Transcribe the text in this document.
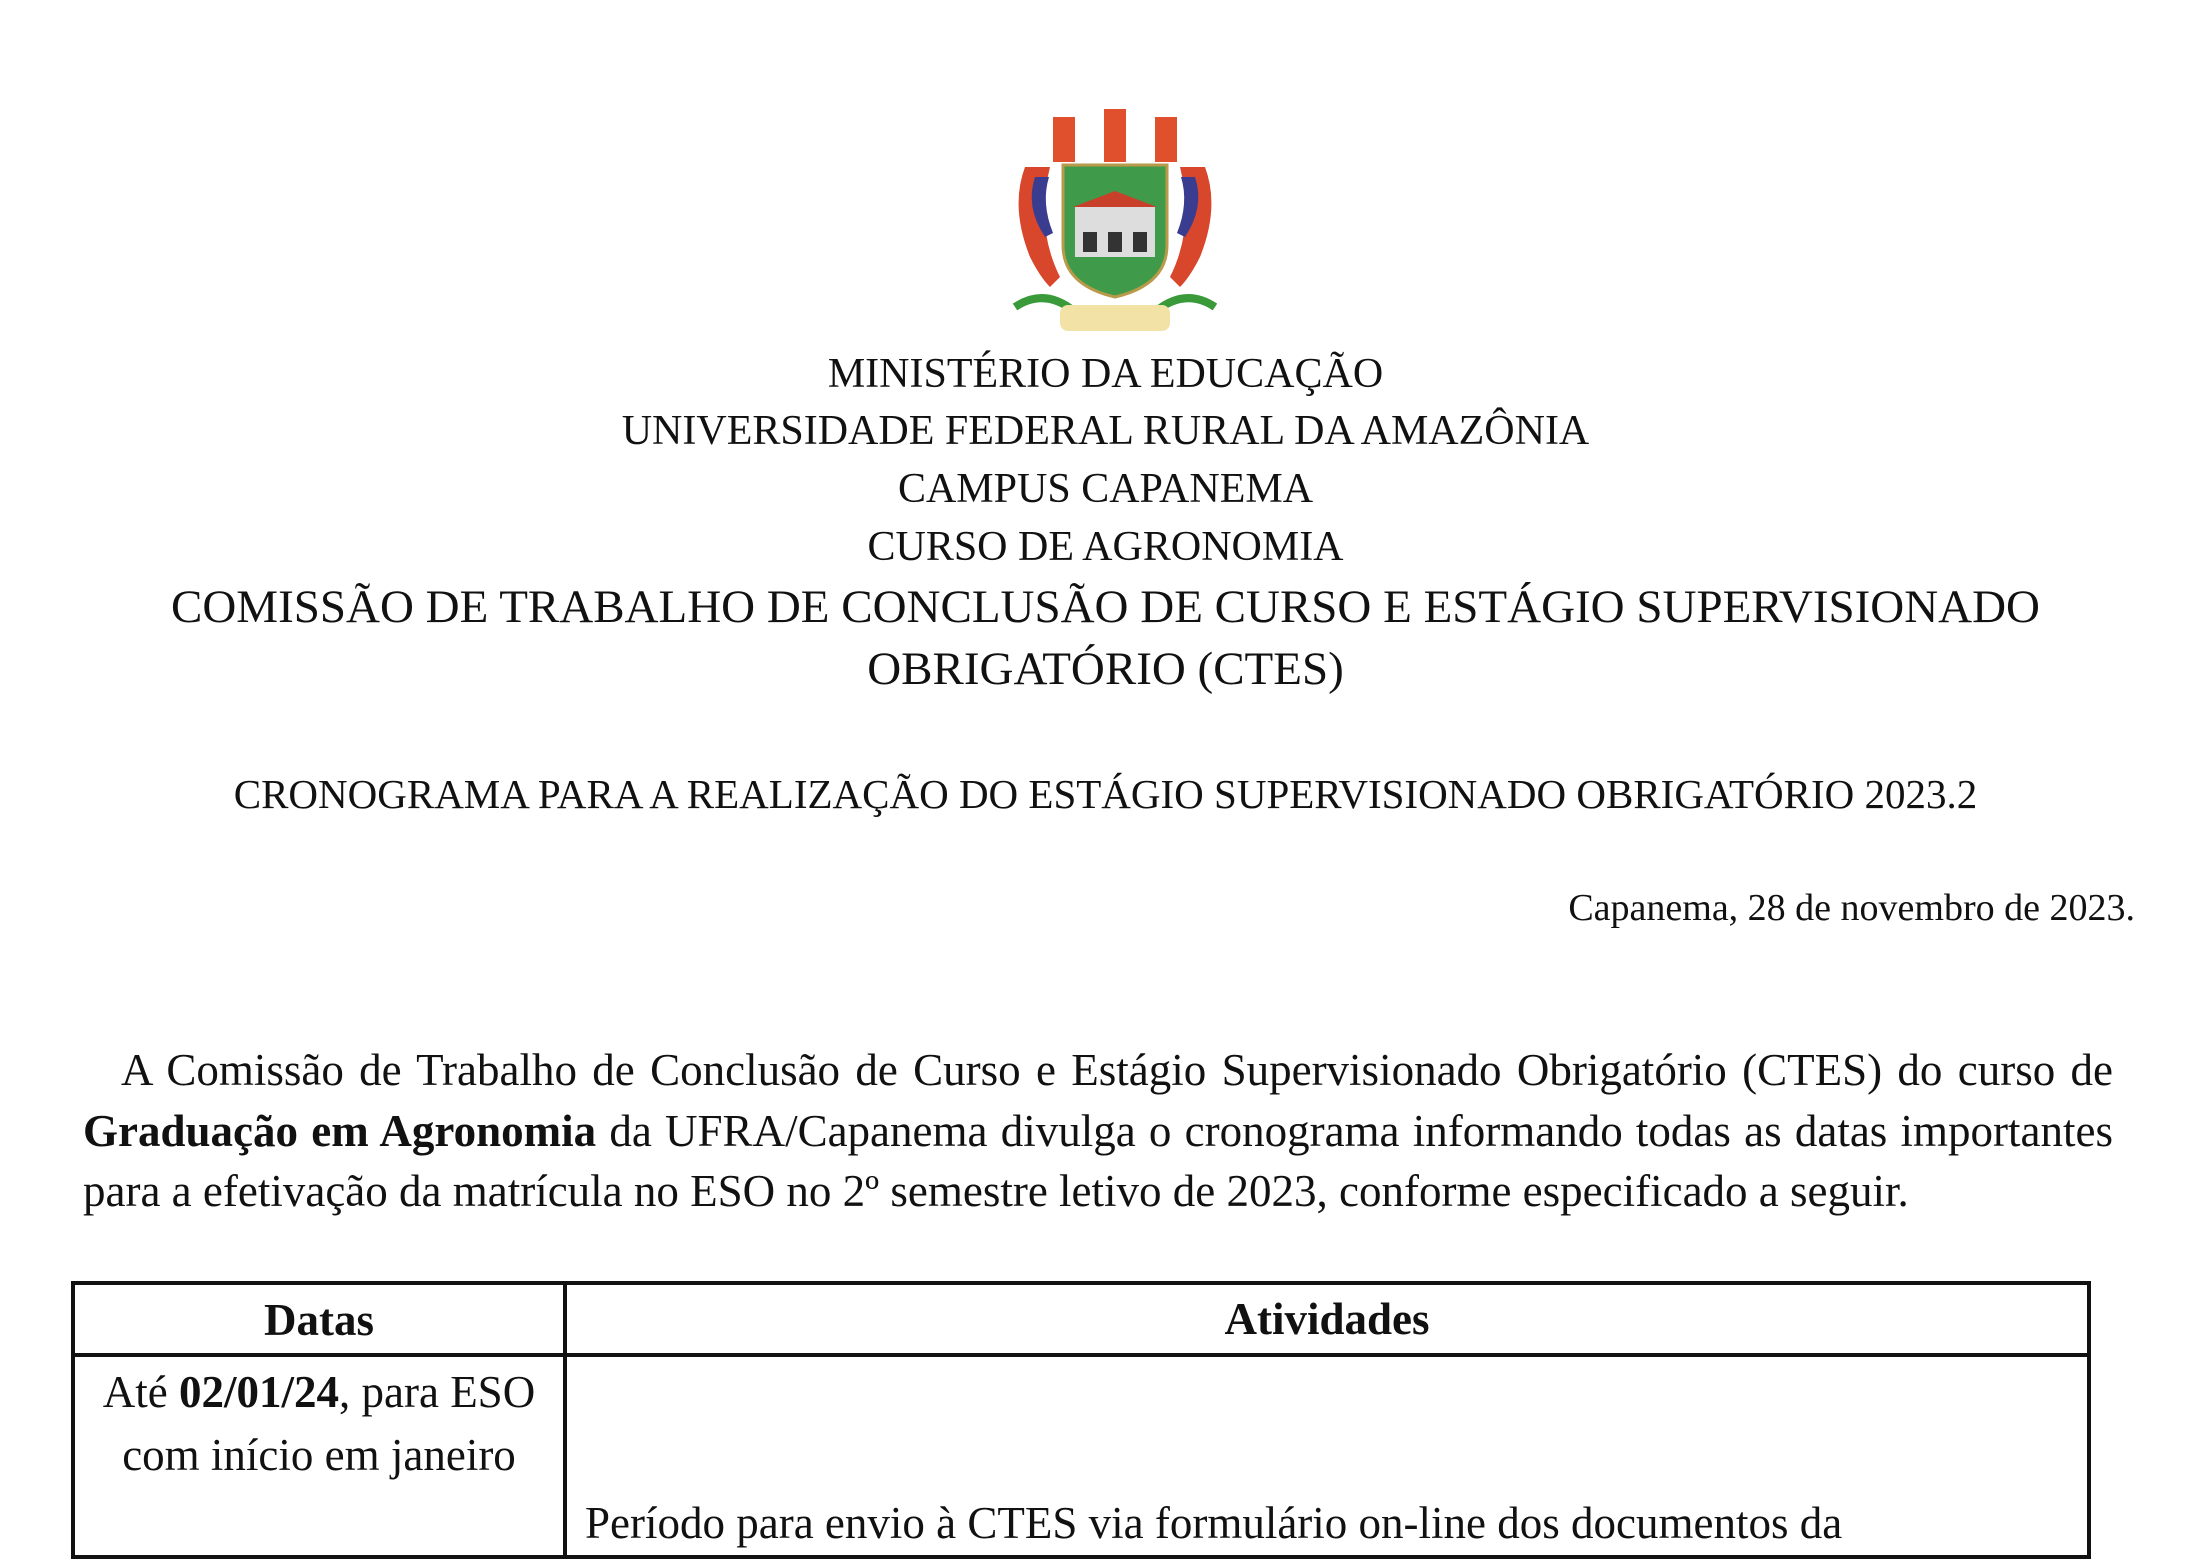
MINISTÉRIO DA EDUCAÇÃO
UNIVERSIDADE FEDERAL RURAL DA AMAZÔNIA
CAMPUS CAPANEMA
CURSO DE AGRONOMIA
COMISSÃO DE TRABALHO DE CONCLUSÃO DE CURSO E ESTÁGIO SUPERVISIONADO
OBRIGATÓRIO (CTES)
CRONOGRAMA PARA A REALIZAÇÃO DO ESTÁGIO SUPERVISIONADO OBRIGATÓRIO 2023.2
Capanema, 28 de novembro de 2023.

A Comissão de Trabalho de Conclusão de Curso e Estágio Supervisionado Obrigatório (CTES) do curso de Graduação em Agronomia da UFRA/Capanema divulga o cronograma informando todas as datas importantes para a efetivação da matrícula no ESO no 2º semestre letivo de 2023, conforme especificado a seguir.

Datas	Atividades
Até 02/01/24, para ESO com início em janeiro	Período para envio à CTES via formulário on-line dos documentos da
